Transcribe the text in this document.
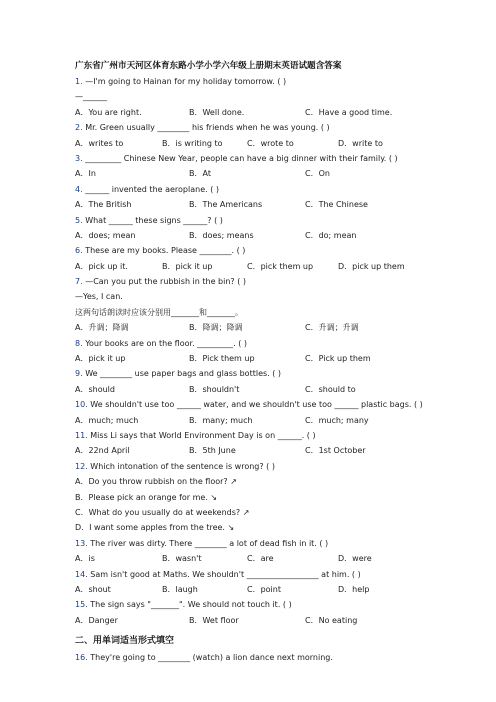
广东省广州市天河区体育东路小学小学六年级上册期末英语试题含答案
1. —I'm going to Hainan for my holiday tomorrow. ( )
—______
A．You are right.	B．Well done.	C．Have a good time.
2. Mr. Green usually ________ his friends when he was young. ( )
A．writes to	B．is writing to	C．wrote to	D．write to
3. _________ Chinese New Year, people can have a big dinner with their family. ( )
A．In	B．At	C．On
4. ______ invented the aeroplane. ( )
A．The British	B．The Americans	C．The Chinese
5. What ______ these signs ______? ( )
A．does; mean	B．does; means	C．do; mean
6. These are my books. Please ________. ( )
A．pick up it.	B．pick it up	C．pick them up	D．pick up them
7. —Can you put the rubbish in the bin? ( )
—Yes, I can.
这两句话朗读时应该分别用_______和_______。
A．升调；降调	B．降调；降调	C．升调；升调
8. Your books are on the floor. _________. ( )
A．pick it up	B．Pick them up	C．Pick up them
9. We ________ use paper bags and glass bottles. ( )
A．should	B．shouldn't	C．should to
10. We shouldn't use too ______ water, and we shouldn't use too ______ plastic bags. ( )
A．much; much	B．many; much	C．much; many
11. Miss Li says that World Environment Day is on ______. ( )
A．22nd April	B．5th June	C．1st October
12. Which intonation of the sentence is wrong? ( )
A．Do you throw rubbish on the floor? ↗
B．Please pick an orange for me. ↘
C．What do you usually do at weekends? ↗
D．I want some apples from the tree. ↘
13. The river was dirty. There ________ a lot of dead fish in it. ( )
A．is	B．wasn't	C．are	D．were
14. Sam isn't good at Maths. We shouldn't __________________ at him. ( )
A．shout	B．laugh	C．point	D．help
15. The sign says "_______". We should not touch it. ( )
A．Danger	B．Wet floor	C．No eating
二、用单词适当形式填空
16. They're going to ________ (watch) a lion dance next morning.
